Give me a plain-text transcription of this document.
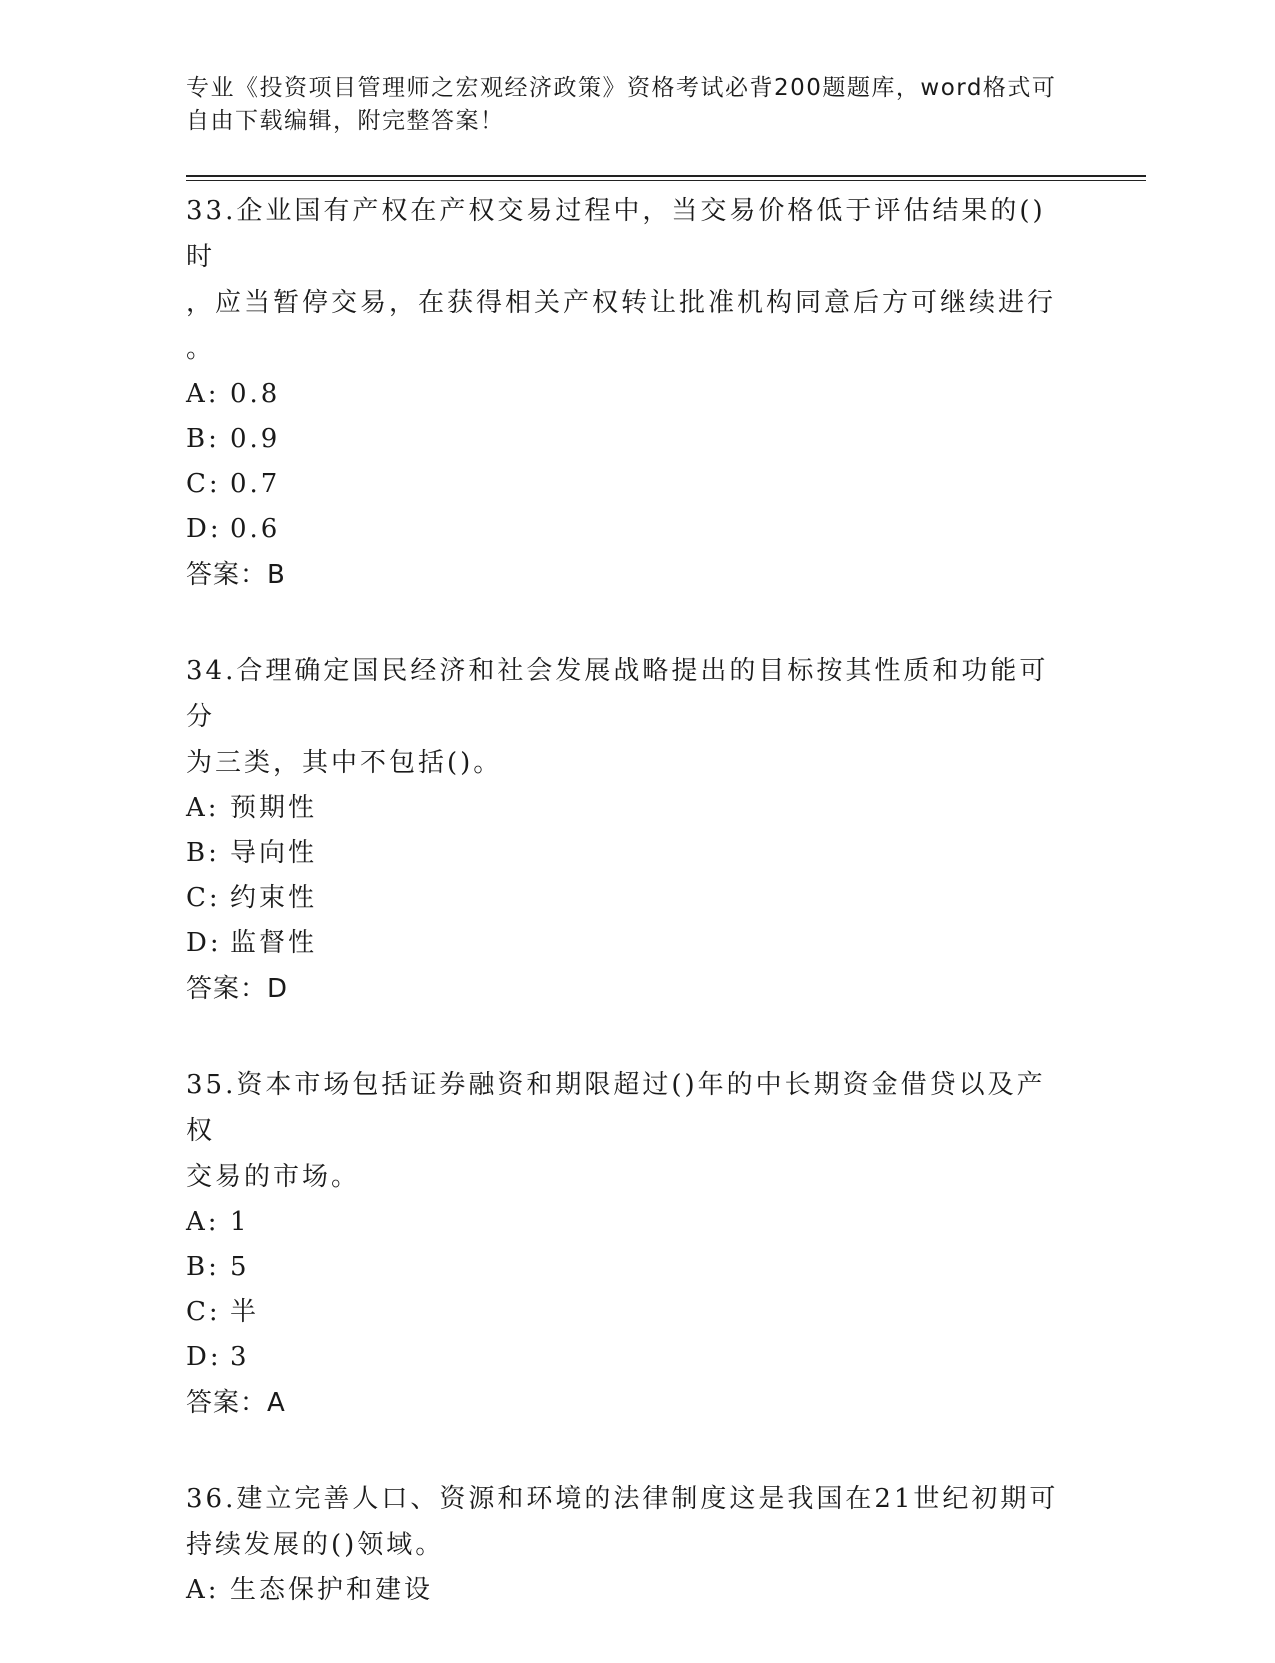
专业《投资项目管理师之宏观经济政策》资格考试必背200题题库，word格式可
自由下载编辑，附完整答案！

33.企业国有产权在产权交易过程中，当交易价格低于评估结果的()时

，应当暂停交易，在获得相关产权转让批准机构同意后方可继续进行

。

A: 0.8

B: 0.9

C: 0.7

D: 0.6

答案：B

34.合理确定国民经济和社会发展战略提出的目标按其性质和功能可分

为三类，其中不包括()。

A: 预期性

B: 导向性

C: 约束性

D: 监督性

答案：D

35.资本市场包括证券融资和期限超过()年的中长期资金借贷以及产权

交易的市场。

A: 1

B: 5

C: 半

D: 3

答案：A

36.建立完善人口、资源和环境的法律制度这是我国在21世纪初期可

持续发展的()领域。

A: 生态保护和建设
